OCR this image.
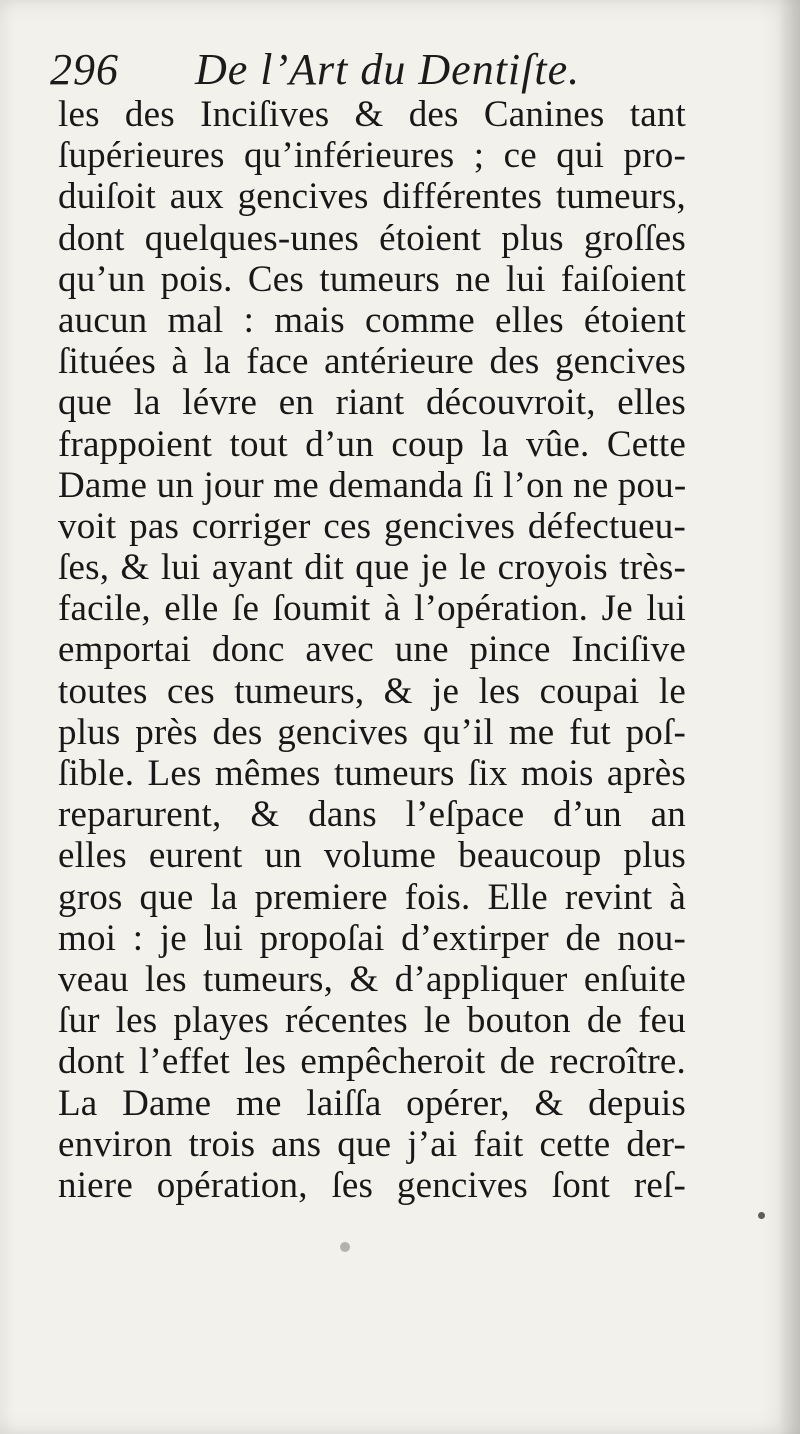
296 De l’Art du Dentiſte.
les des Inciſives & des Canines tant
ſupérieures qu’inférieures ; ce qui pro-
duiſoit aux gencives différentes tumeurs,
dont quelques-unes étoient plus groſſes
qu’un pois. Ces tumeurs ne lui faiſoient
aucun mal : mais comme elles étoient
ſituées à la face antérieure des gencives
que la lévre en riant découvroit, elles
frappoient tout d’un coup la vûe. Cette
Dame un jour me demanda ſi l’on ne pou-
voit pas corriger ces gencives défectueu-
ſes, & lui ayant dit que je le croyois très-
facile, elle ſe ſoumit à l’opération. Je lui
emportai donc avec une pince Inciſive
toutes ces tumeurs, & je les coupai le
plus près des gencives qu’il me fut poſ-
ſible. Les mêmes tumeurs ſix mois après
reparurent, & dans l’eſpace d’un an
elles eurent un volume beaucoup plus
gros que la premiere fois. Elle revint à
moi : je lui propoſai d’extirper de nou-
veau les tumeurs, & d’appliquer enſuite
ſur les playes récentes le bouton de feu
dont l’effet les empêcheroit de recroître.
La Dame me laiſſa opérer, & depuis
environ trois ans que j’ai fait cette der-
niere opération, ſes gencives ſont reſ-
